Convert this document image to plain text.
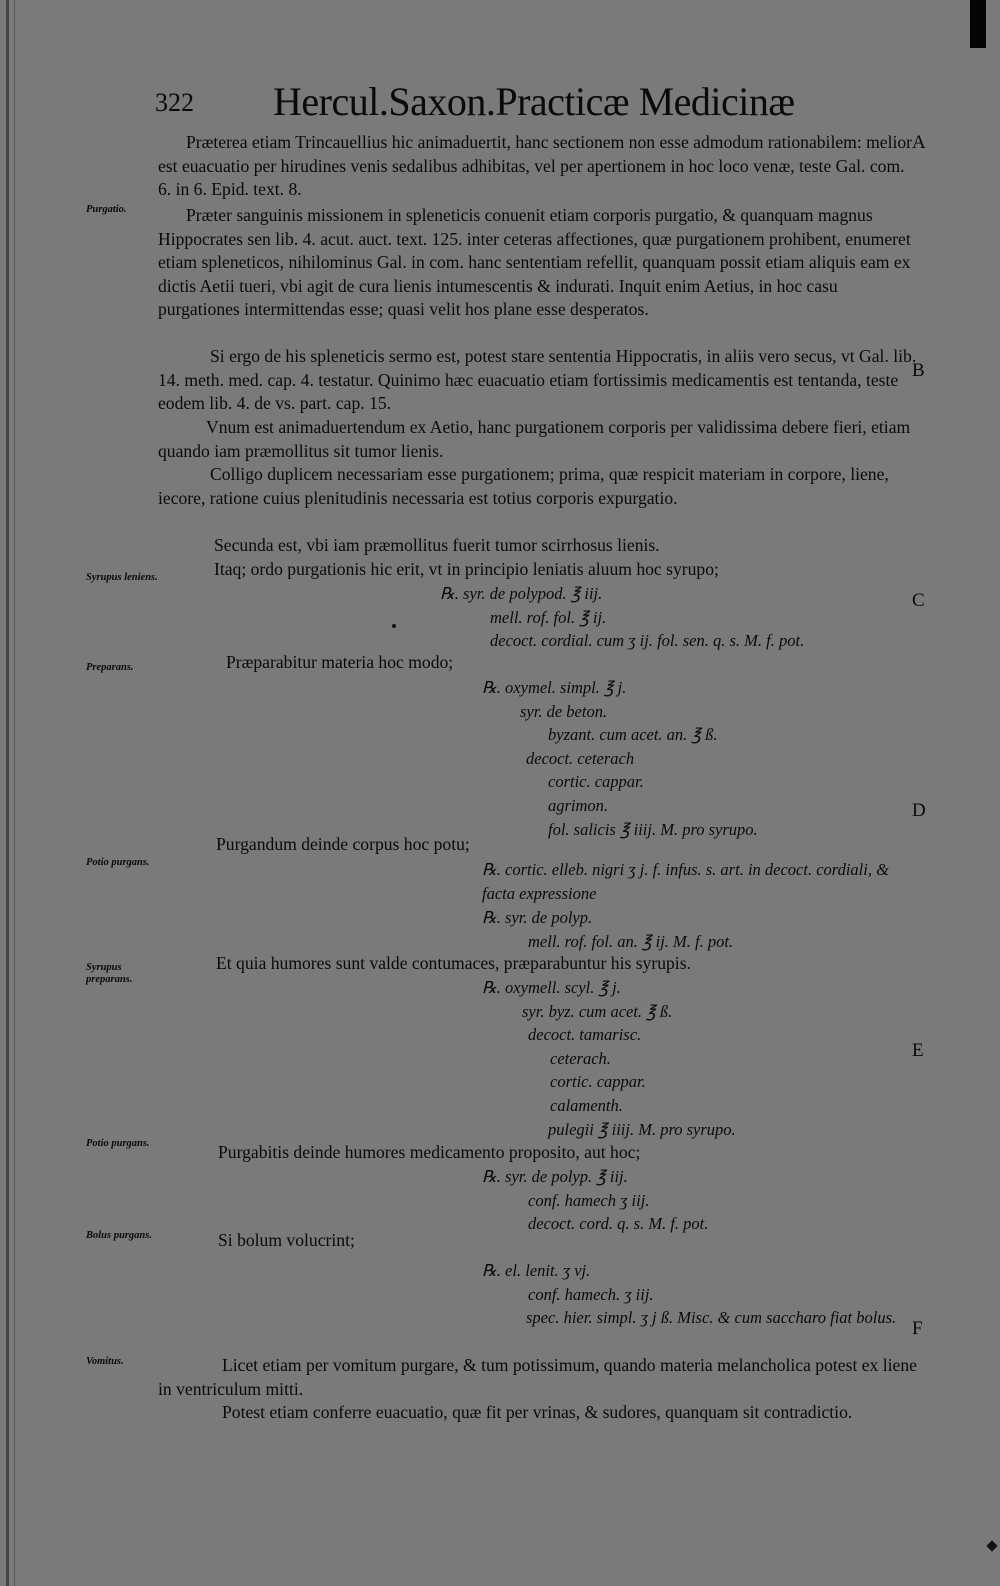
322 Hercul.Saxon.Practicæ Medicinæ
A
B
C
D
E
F
Purgatio.
Syrupus leniens.
Preparans.
Potio purgans.
Syrupus preparans.
Potio purgans.
Bolus purgans.
Vomitus.

Præterea etiam Trincauellius hic animaduertit, hanc sectionem non esse admodum rationabilem: melior est euacuatio per hirudines venis sedalibus adhibitas, vel per apertionem in hoc loco venæ, teste Gal. com. 6. in 6. Epid. text. 8.

Præter sanguinis missionem in spleneticis conuenit etiam corporis purgatio, & quanquam magnus Hippocrates sen lib. 4. acut. auct. text. 125. inter ceteras affectiones, quæ purgationem prohibent, enumeret etiam spleneticos, nihilominus Gal. in com. hanc sententiam refellit, quanquam possit etiam aliquis eam ex dictis Aetii tueri, vbi agit de cura lienis intumescentis & indurati. Inquit enim Aetius, in hoc casu purgationes intermittendas esse; quasi velit hos plane esse desperatos.

Si ergo de his spleneticis sermo est, potest stare sententia Hippocratis, in aliis vero secus, vt Gal. lib. 14. meth. med. cap. 4. testatur. Quinimo hæc euacuatio etiam fortissimis medicamentis est tentanda, teste eodem lib. 4. de vs. part. cap. 15.

Vnum est animaduertendum ex Aetio, hanc purgationem corporis per validissima debere fieri, etiam quando iam præmollitus sit tumor lienis.

Colligo duplicem necessariam esse purgationem; prima, quæ respicit materiam in corpore, liene, iecore, ratione cuius plenitudinis necessaria est totius corporis expurgatio.

Secunda est, vbi iam præmollitus fuerit tumor scirrhosus lienis.

Itaq; ordo purgationis hic erit, vt in principio leniatis aluum hoc syrupo;

℞. syr. de polypod. ℥ iij.
mell. rof. fol. ℥ ij.
decoct. cordial. cum ʒ ij. fol. sen. q. s. M. f. pot.

Præparabitur materia hoc modo;

℞. oxymel. simpl. ℥ j.
syr. de beton.
byzant. cum acet. an. ℥ ß.
decoct. ceterach
cortic. cappar.
agrimon.
fol. salicis ℥ iiij. M. pro syrupo.

Purgandum deinde corpus hoc potu;

℞. cortic. elleb. nigri ʒ j. f. infus. s. art. in decoct. cordiali, & facta expressione
℞. syr. de polyp.
mell. rof. fol. an. ℥ ij. M. f. pot.

Et quia humores sunt valde contumaces, præparabuntur his syrupis.

℞. oxymell. scyl. ℥ j.
syr. byz. cum acet. ℥ ß.
decoct. tamarisc.
ceterach.
cortic. cappar.
calamenth.
pulegii ℥ iiij. M. pro syrupo.

Purgabitis deinde humores medicamento proposito, aut hoc;

℞. syr. de polyp. ℥ iij.
conf. hamech ʒ iij.
decoct. cord. q. s. M. f. pot.

Si bolum volucrint;

℞. el. lenit. ʒ vj.
conf. hamech. ʒ iij.
spec. hier. simpl. ʒ j ß. Misc. & cum saccharo fiat bolus.

Licet etiam per vomitum purgare, & tum potissimum, quando materia melancholica potest ex liene in ventriculum mitti.

Potest etiam conferre euacuatio, quæ fit per vrinas, & sudores, quanquam sit contradictio.
